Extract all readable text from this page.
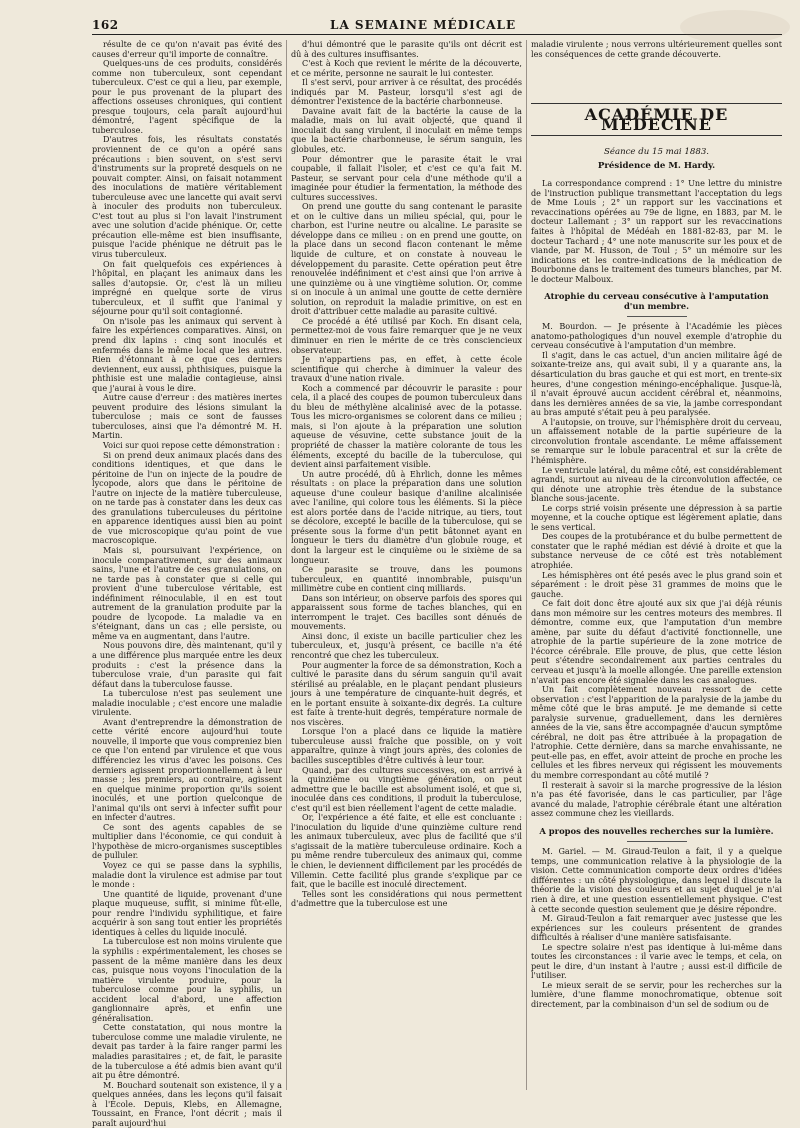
162	LA SEMAINE MÉDICALE

résulte de ce qu'on n'avait pas évité des causes d'erreur qu'il importe de connaître.

Quelques-uns de ces produits, considérés comme non tuberculeux, sont cependant tuberculeux. C'est ce qui a lieu, par exemple, pour le pus provenant de la plupart des affections osseuses chroniques, qui contient presque toujours, cela paraît aujourd'hui démontré, l'agent spécifique de la tuberculose.

D'autres fois, les résultats constatés proviennent de ce qu'on a opéré sans précautions : bien souvent, on s'est servi d'instruments sur la propreté desquels on ne pouvait compter. Ainsi, on faisait notamment des inoculations de matière véritablement tuberculeuse avec une lancette qui avait servi à inoculer des produits non tuberculeux. C'est tout au plus si l'on lavait l'instrument avec une solution d'acide phénique. Or, cette précaution elle-même est bien insuffisante, puisque l'acide phénique ne détruit pas le virus tuberculeux.

On fait quelquefois ces expériences à l'hôpital, en plaçant les animaux dans les salles d'autopsie. Or, c'est là un milieu imprégné en quelque sorte de virus tuberculeux, et il suffit que l'animal y séjourne pour qu'il soit contagionné.

On n'isole pas les animaux qui servent à faire les expériences comparatives. Ainsi, on prend dix lapins : cinq sont inoculés et enfermés dans le même local que les autres. Rien d'étonnant à ce que ces derniers deviennent, eux aussi, phthisiques, puisque la phthisie est une maladie contagieuse, ainsi que j'aurai à vous le dire.

Autre cause d'erreur : des matières inertes peuvent produire des lésions simulant la tuberculose ; mais ce sont de fausses tuberculoses, ainsi que l'a démontré M. H. Martin.

Voici sur quoi repose cette démonstration :

Si on prend deux animaux placés dans des conditions identiques, et que dans le péritoine de l'un on injecte de la poudre de lycopode, alors que dans le péritoine de l'autre on injecte de la matière tuberculeuse, on ne tarde pas à constater dans les deux cas des granulations tuberculeuses du péritoine en apparence identiques aussi bien au point de vue microscopique qu'au point de vue macroscopique.

Mais si, poursuivant l'expérience, on inocule comparativement, sur des animaux sains, l'une et l'autre de ces granulations, on ne tarde pas à constater que si celle qui provient d'une tuberculose véritable, est indéfiniment réinoculable, il en est tout autrement de la granulation produite par la poudre de lycopode. La maladie va en s'éteignant, dans un cas ; elle persiste, ou même va en augmentant, dans l'autre.

Nous pouvons dire, dès maintenant, qu'il y a une différence plus marquée entre les deux produits : c'est la présence dans la tuberculose vraie, d'un parasite qui fait défaut dans la tuberculose fausse.

La tuberculose n'est pas seulement une maladie inoculable ; c'est encore une maladie virulente.

Avant d'entreprendre la démonstration de cette vérité encore aujourd'hui toute nouvelle, il importe que vous compreniez bien ce que l'on entend par virulence et que vous différenciez les virus d'avec les poisons. Ces derniers agissent proportionnellement à leur masse ; les premiers, au contraire, agissent en quelque minime proportion qu'ils soient inoculés, et une portion quelconque de l'animal qu'ils ont servi à infecter suffit pour en infecter d'autres.

Ce sont des agents capables de se multiplier dans l'économie, ce qui conduit à l'hypothèse de micro-organismes susceptibles de pulluler.

Voyez ce qui se passe dans la syphilis, maladie dont la virulence est admise par tout le monde :

Une quantité de liquide, provenant d'une plaque muqueuse, suffit, si minime fût-elle, pour rendre l'individu syphilitique, et faire acquérir à son sang tout entier les propriétés identiques à celles du liquide inoculé.

La tuberculose est non moins virulente que la syphilis : expérimentalement, les choses se passent de la même manière dans les deux cas, puisque nous voyons l'inoculation de la matière virulente produire, pour la tuberculose comme pour la syphilis, un accident local d'abord, une affection ganglionnaire après, et enfin une généralisation.

Cette constatation, qui nous montre la tuberculose comme une maladie virulente, ne devait pas tarder à la faire ranger parmi les maladies parasitaires ; et, de fait, le parasite de la tuberculose a été admis bien avant qu'il ait pu être démontré.

M. Bouchard soutenait son existence, il y a quelques années, dans les leçons qu'il faisait à l'École. Depuis, Klebs, en Allemagne, Toussaint, en France, l'ont décrit ; mais il paraît aujourd'hui

d'hui démontré que le parasite qu'ils ont décrit est dû à des cultures insuffisantes.

C'est à Koch que revient le mérite de la découverte, et ce mérite, personne ne saurait le lui contester.

Il s'est servi, pour arriver à ce résultat, des procédés indiqués par M. Pasteur, lorsqu'il s'est agi de démontrer l'existence de la bactérie charbonneuse.

Davaine avait fait de la bactérie la cause de la maladie, mais on lui avait objecté, que quand il inoculait du sang virulent, il inoculait en même temps que la bactérie charbonneuse, le sérum sanguin, les globules, etc.

Pour démontrer que le parasite était le vrai coupable, il fallait l'isoler, et c'est ce qu'a fait M. Pasteur, se servant pour cela d'une méthode qu'il a imaginée pour étudier la fermentation, la méthode des cultures successives.

On prend une goutte du sang contenant le parasite et on le cultive dans un milieu spécial, qui, pour le charbon, est l'urine neutre ou alcaline. Le parasite se développe dans ce milieu : on en prend une goutte, on la place dans un second flacon contenant le même liquide de culture, et on constate à nouveau le développement du parasite. Cette opération peut être renouvelée indéfiniment et c'est ainsi que l'on arrive à une quinzième ou à une vingtième solution. Or, comme si on inocule à un animal une goutte de cette dernière solution, on reproduit la maladie primitive, on est en droit d'attribuer cette maladie au parasite cultivé.

Ce procédé a été utilisé par Koch. En disant cela, permettez-moi de vous faire remarquer que je ne veux diminuer en rien le mérite de ce très consciencieux observateur.

Je n'appartiens pas, en effet, à cette école scientifique qui cherche à diminuer la valeur des travaux d'une nation rivale.

Koch a commencé par découvrir le parasite : pour cela, il a placé des coupes de poumon tuberculeux dans du bleu de méthylène alcalinisé avec de la potasse. Tous les micro-organismes se colorent dans ce milieu ; mais, si l'on ajoute à la préparation une solution aqueuse de vésuvine, cette substance jouit de la propriété de chasser la matière colorante de tous les éléments, excepté du bacille de la tuberculose, qui devient ainsi parfaitement visible.

Un autre procédé, dû à Ehrlich, donne les mêmes résultats : on place la préparation dans une solution aqueuse d'une couleur basique d'aniline alcalinisée avec l'aniline, qui colore tous les éléments. Si la pièce est alors portée dans de l'acide nitrique, au tiers, tout se décolore, excepté le bacille de la tuberculose, qui se présente sous la forme d'un petit bâtonnet ayant en longueur le tiers du diamètre d'un globule rouge, et dont la largeur est le cinquième ou le sixième de sa longueur.

Ce parasite se trouve, dans les poumons tuberculeux, en quantité innombrable, puisqu'un millimètre cube en contient cinq milliards.

Dans son intérieur, on observe parfois des spores qui apparaissent sous forme de taches blanches, qui en interrompent le trajet. Ces bacilles sont dénués de mouvements.

Ainsi donc, il existe un bacille particulier chez les tuberculeux, et, jusqu'à présent, ce bacille n'a été rencontré que chez les tuberculeux.

Pour augmenter la force de sa démonstration, Koch a cultivé le parasite dans du sérum sanguin qu'il avait stérilisé au préalable, en le plaçant pendant plusieurs jours à une température de cinquante-huit degrés, et en le portant ensuite à soixante-dix degrés. La culture est faite à trente-huit degrés, température normale de nos viscères.

Lorsque l'on a placé dans ce liquide la matière tuberculeuse aussi fraîche que possible, on y voit apparaître, quinze à vingt jours après, des colonies de bacilles susceptibles d'être cultivés à leur tour.

Quand, par des cultures successives, on est arrivé à la quinzième ou vingtième génération, on peut admettre que le bacille est absolument isolé, et que si, inoculée dans ces conditions, il produit la tuberculose, c'est qu'il est bien réellement l'agent de cette maladie.

Or, l'expérience a été faite, et elle est concluante : l'inoculation du liquide d'une quinzième culture rend les animaux tuberculeux, avec plus de facilité que s'il s'agissait de la matière tuberculeuse ordinaire. Koch a pu même rendre tuberculeux des animaux qui, comme le chien, le deviennent difficilement par les procédés de Villemin. Cette facilité plus grande s'explique par ce fait, que le bacille est inoculé directement.

Telles sont les considérations qui nous permettent d'admettre que la tuberculose est une

maladie virulente ; nous verrons ultérieurement quelles sont les conséquences de cette grande découverte.

ACADÉMIE DE MÉDECINE
Séance du 15 mai 1883.
Présidence de M. Hardy.

La correspondance comprend : 1° Une lettre du ministre de l'instruction publique transmettant l'acceptation du legs de Mme Louis ; 2° un rapport sur les vaccinations et revaccinations opérées au 79e de ligne, en 1883, par M. le docteur Lallemant ; 3° un rapport sur les revaccinations faites à l'hôpital de Médéah en 1881-82-83, par M. le docteur Tachard ; 4° une note manuscrite sur les poux et de viande, par M. Husson, de Toul ; 5° un mémoire sur les indications et les contre-indications de la médication de Bourbonne dans le traitement des tumeurs blanches, par M. le docteur Malboux.

Atrophie du cerveau consécutive à l'amputation d'un membre.

M. Bourdon. — Je présente à l'Académie les pièces anatomo-pathologiques d'un nouvel exemple d'atrophie du cerveau consécutive à l'amputation d'un membre.

Il s'agit, dans le cas actuel, d'un ancien militaire âgé de soixante-treize ans, qui avait subi, il y a quarante ans, la désarticulation du bras gauche et qui est mort, en trente-six heures, d'une congestion méningo-encéphalique. Jusque-là, il n'avait éprouvé aucun accident cérébral et, néanmoins, dans les dernières années de sa vie, la jambe correspondant au bras amputé s'était peu à peu paralysée.

A l'autopsie, on trouve, sur l'hémisphère droit du cerveau, un affaissement notable de la partie supérieure de la circonvolution frontale ascendante. Le même affaissement se remarque sur le lobule paracentral et sur la crête de l'hémisphère.

Le ventricule latéral, du même côté, est considérablement agrandi, surtout au niveau de la circonvolution affectée, ce qui dénote une atrophie très étendue de la substance blanche sous-jacente.

Le corps strié voisin présente une dépression à sa partie moyenne, et la couche optique est légèrement aplatie, dans le sens vertical.

Des coupes de la protubérance et du bulbe permettent de constater que le raphé médian est dévié à droite et que la substance nerveuse de ce côté est très notablement atrophiée.

Les hémisphères ont été pesés avec le plus grand soin et séparément : le droit pèse 31 grammes de moins que le gauche.

Ce fait doit donc être ajouté aux six que j'ai déjà réunis dans mon mémoire sur les centres moteurs des membres. Il démontre, comme eux, que l'amputation d'un membre amène, par suite du défaut d'activité fonctionnelle, une atrophie de la partie supérieure de la zone motrice de l'écorce cérébrale. Elle prouve, de plus, que cette lésion peut s'étendre secondairement aux parties centrales du cerveau et jusqu'à la moelle allongée. Une pareille extension n'avait pas encore été signalée dans les cas analogues.

Un fait complètement nouveau ressort de cette observation : c'est l'apparition de la paralysie de la jambe du même côté que le bras amputé. Je me demande si cette paralysie survenue, graduellement, dans les dernières années de la vie, sans être accompagnée d'aucun symptôme cérébral, ne doit pas être attribuée à la propagation de l'atrophie. Cette dernière, dans sa marche envahissante, ne peut-elle pas, en effet, avoir atteint de proche en proche les cellules et les fibres nerveux qui régissent les mouvements du membre correspondant au côté mutilé ?

Il resterait à savoir si la marche progressive de la lésion n'a pas été favorisée, dans le cas particulier, par l'âge avancé du malade, l'atrophie cérébrale étant une altération assez commune chez les vieillards.

A propos des nouvelles recherches sur la lumière.

M. Gariel. — M. Giraud-Teulon a fait, il y a quelque temps, une communication relative à la physiologie de la vision. Cette communication comporte deux ordres d'idées différentes : un côté physiologique, dans lequel il discute la théorie de la vision des couleurs et au sujet duquel je n'ai rien à dire, et une question essentiellement physique. C'est à cette seconde question seulement que je désire répondre.

M. Giraud-Teulon a fait remarquer avec justesse que les expériences sur les couleurs présentent de grandes difficultés à réaliser d'une manière satisfaisante.

Le spectre solaire n'est pas identique à lui-même dans toutes les circonstances : il varie avec le temps, et cela, on peut le dire, d'un instant à l'autre ; aussi est-il difficile de l'utiliser.

Le mieux serait de se servir, pour les recherches sur la lumière, d'une flamme monochromatique, obtenue soit directement, par la combinaison d'un sel de sodium ou de
